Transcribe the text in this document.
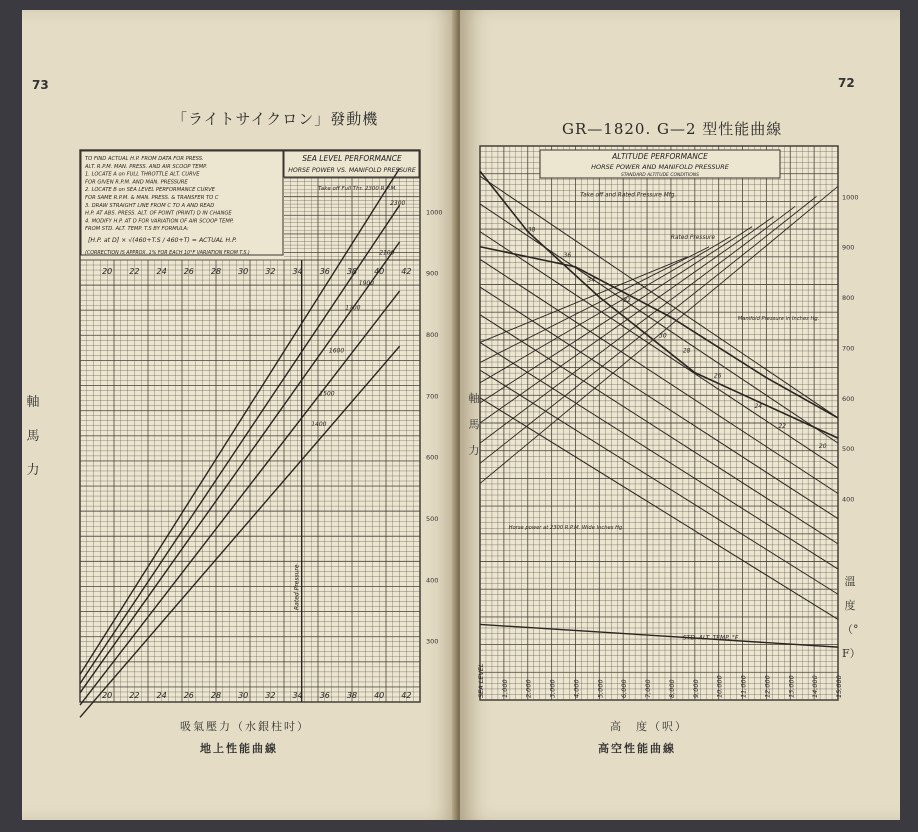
73
「ライトサイクロン」發動機
TO FIND ACTUAL H.P. FROM DATA FOR PRESS.
ALT. R.P.M. MAN. PRESS. AND AIR SCOOP TEMP.
1. LOCATE A on FULL THROTTLE ALT. CURVE
FOR GIVEN R.P.M. AND MAN. PRESSURE
2. LOCATE B on SEA LEVEL PERFORMANCE CURVE
FOR SAME R.P.M. & MAN. PRESS. & TRANSFER TO C
3. DRAW STRAIGHT LINE FROM C TO A AND READ
H.P. AT ABS. PRESS. ALT. OF POINT (PRINT) D IN CHANGE
4. MODIFY H.P. AT D FOR VARIATION OF AIR SCOOP TEMP.
FROM STD. ALT. TEMP. T.S BY FORMULA:
[H.P. at D] × √(460+T.S / 460+T) = ACTUAL H.P.
(CORRECTION IS APPROX. 1% FOR EACH 10°F VARIATION FROM T.S.)
SEA LEVEL PERFORMANCE
HORSE POWER VS. MANIFOLD PRESSURE
Rated Pressure
Take off Full Thr. 2300 R.P.M.
2300
2100
1900
1700
1600
1500
1400
20 22 24 26 28 30 32 34 36 38 40 42
20 22 24 26 28 30 32 34 36 38 40 42
1000
900
800
700
600
500
400
300
軸馬力
吸氣壓力（水銀柱吋）
地上性能曲線
72
GR—1820. G—2 型性能曲線
ALTITUDE PERFORMANCE
HORSE POWER AND MANIFOLD PRESSURE
STANDARD ALTITUDE CONDITIONS
STD. ALT. TEMP. °F
Take off and Rated Pressure Mfg.
Rated Pressure
Manifold Pressure in Inches Hg.
Horse power at 2300 R.P.M. Wide Inches Hg.
38
36
34
32
30
28
26
24
22
20
SEA LEVEL 1,000 2,000 3,000 4,000 5,000 6,000 7,000 8,000 9,000 10,000 11,000 12,000 13,000 14,000 15,000
1000
900
800
700
600
500
400
軸馬力
溫度（°F）
高　度（呎）
高空性能曲線
